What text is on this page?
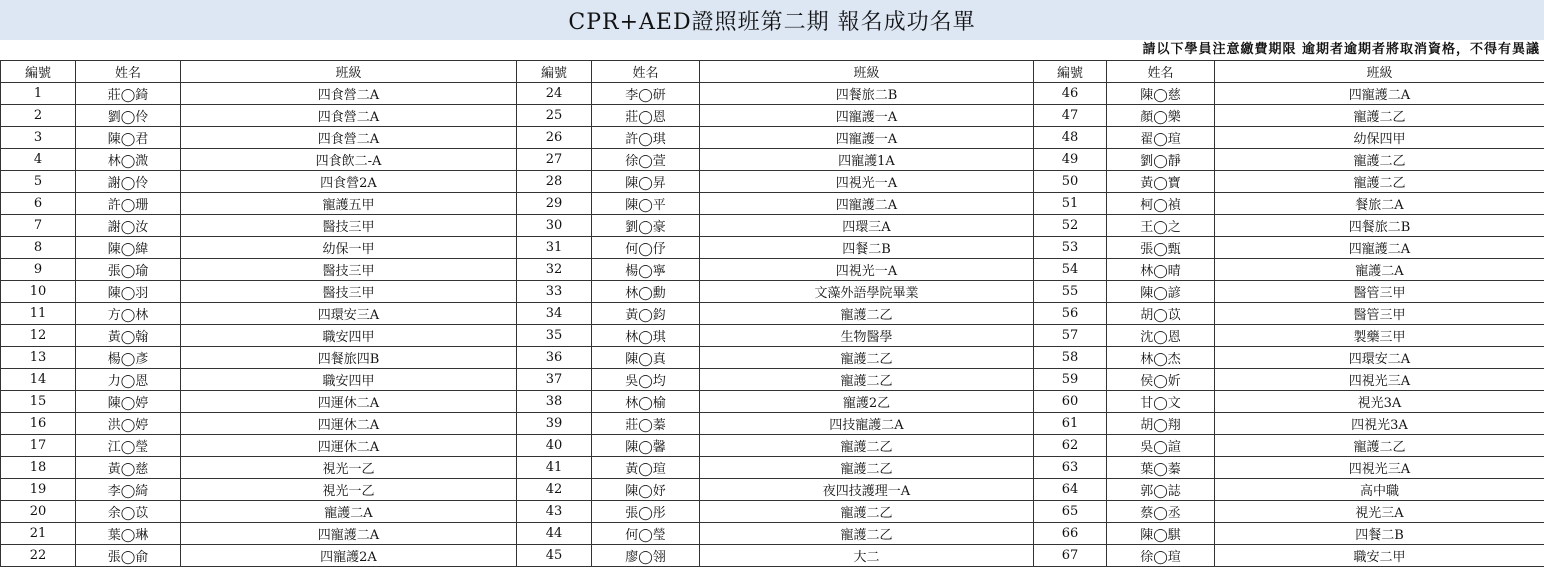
CPR+AED證照班第二期 報名成功名單
請以下學員注意繳費期限 逾期者逾期者將取消資格，不得有異議
編號	姓名	班級	編號	姓名	班級	編號	姓名	班級
1	莊◯錡	四食營二A	24	李◯研	四餐旅二B	46	陳◯慈	四寵護二A
2	劉◯伶	四食營二A	25	莊◯恩	四寵護一A	47	顏◯樂	寵護二乙
3	陳◯君	四食營二A	26	許◯琪	四寵護一A	48	翟◯瑄	幼保四甲
4	林◯溦	四食飲二-A	27	徐◯萱	四寵護1A	49	劉◯靜	寵護二乙
5	謝◯伶	四食營2A	28	陳◯昇	四視光一A	50	黃◯寶	寵護二乙
6	許◯珊	寵護五甲	29	陳◯平	四寵護二A	51	柯◯禎	餐旅二A
7	謝◯汝	醫技三甲	30	劉◯豪	四環三A	52	王◯之	四餐旅二B
8	陳◯緯	幼保一甲	31	何◯伃	四餐二B	53	張◯甄	四寵護二A
9	張◯瑜	醫技三甲	32	楊◯寧	四視光一A	54	林◯晴	寵護二A
10	陳◯羽	醫技三甲	33	林◯勳	文藻外語學院畢業	55	陳◯諺	醫管三甲
11	方◯林	四環安三A	34	黃◯鈞	寵護二乙	56	胡◯苡	醫管三甲
12	黃◯翰	職安四甲	35	林◯琪	生物醫學	57	沈◯恩	製藥三甲
13	楊◯彥	四餐旅四B	36	陳◯真	寵護二乙	58	林◯杰	四環安二A
14	力◯恩	職安四甲	37	吳◯均	寵護二乙	59	侯◯妡	四視光三A
15	陳◯婷	四運休二A	38	林◯榆	寵護2乙	60	甘◯文	視光3A
16	洪◯婷	四運休二A	39	莊◯蓁	四技寵護二A	61	胡◯翔	四視光3A
17	江◯瑩	四運休二A	40	陳◯馨	寵護二乙	62	吳◯諠	寵護二乙
18	黃◯慈	視光一乙	41	黃◯瑄	寵護二乙	63	葉◯蓁	四視光三A
19	李◯綺	視光一乙	42	陳◯妤	夜四技護理一A	64	郭◯誌	高中職
20	余◯苡	寵護二A	43	張◯彤	寵護二乙	65	蔡◯丞	視光三A
21	葉◯琳	四寵護二A	44	何◯瑩	寵護二乙	66	陳◯騏	四餐二B
22	張◯俞	四寵護2A	45	廖◯翎	大二	67	徐◯瑄	職安二甲
